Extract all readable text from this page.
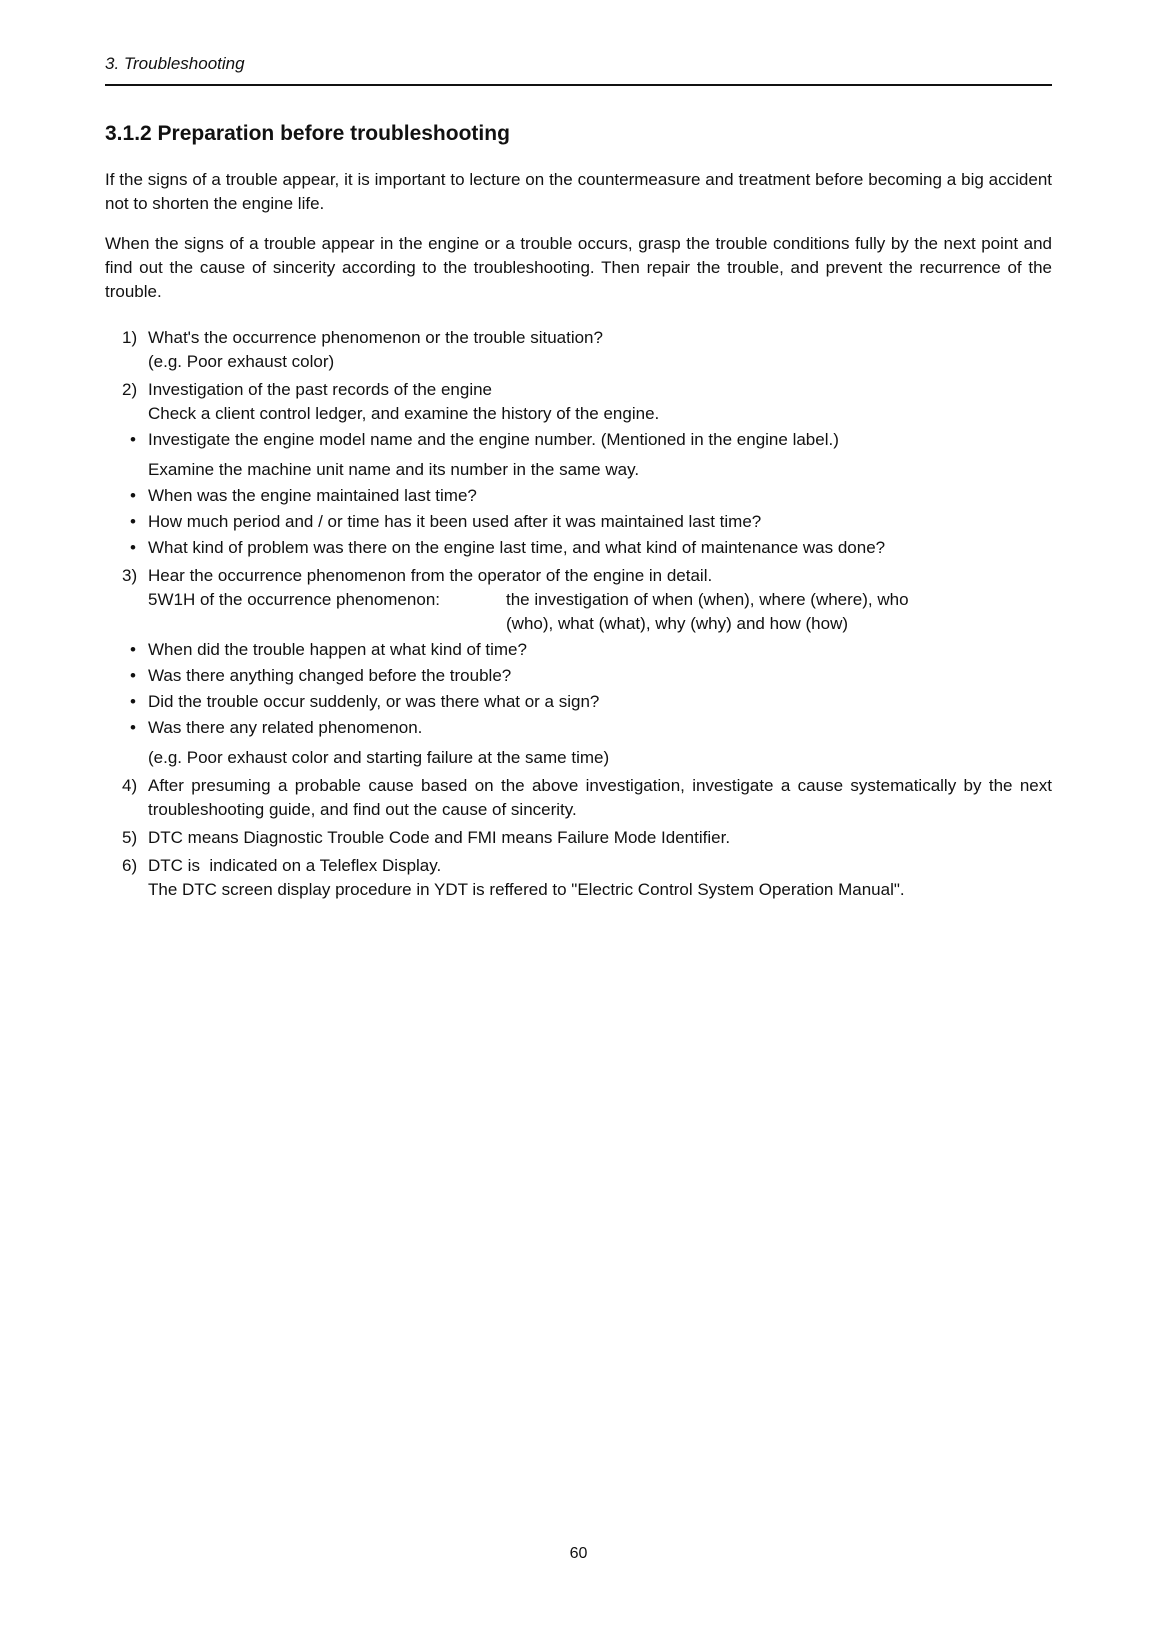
3. Troubleshooting
3.1.2 Preparation before troubleshooting

If the signs of a trouble appear, it is important to lecture on the countermeasure and treatment before becoming a big accident not to shorten the engine life.

When the signs of a trouble appear in the engine or a trouble occurs, grasp the trouble conditions fully by the next point and find out the cause of sincerity according to the troubleshooting. Then repair the trouble, and prevent the recurrence of the trouble.

1) What's the occurrence phenomenon or the trouble situation?
(e.g. Poor exhaust color)
2) Investigation of the past records of the engine
Check a client control ledger, and examine the history of the engine.
• Investigate the engine model name and the engine number. (Mentioned in the engine label.)
Examine the machine unit name and its number in the same way.
• When was the engine maintained last time?
• How much period and / or time has it been used after it was maintained last time?
• What kind of problem was there on the engine last time, and what kind of maintenance was done?
3) Hear the occurrence phenomenon from the operator of the engine in detail.
5W1H of the occurrence phenomenon:	the investigation of when (when), where (where), who
(who), what (what), why (why) and how (how)
• When did the trouble happen at what kind of time?
• Was there anything changed before the trouble?
• Did the trouble occur suddenly, or was there what or a sign?
• Was there any related phenomenon.
(e.g. Poor exhaust color and starting failure at the same time)
4) After presuming a probable cause based on the above investigation, investigate a cause systematically by the next troubleshooting guide, and find out the cause of sincerity.
5) DTC means Diagnostic Trouble Code and FMI means Failure Mode Identifier.
6) DTC is  indicated on a Teleflex Display.
The DTC screen display procedure in YDT is reffered to "Electric Control System Operation Manual".
60
